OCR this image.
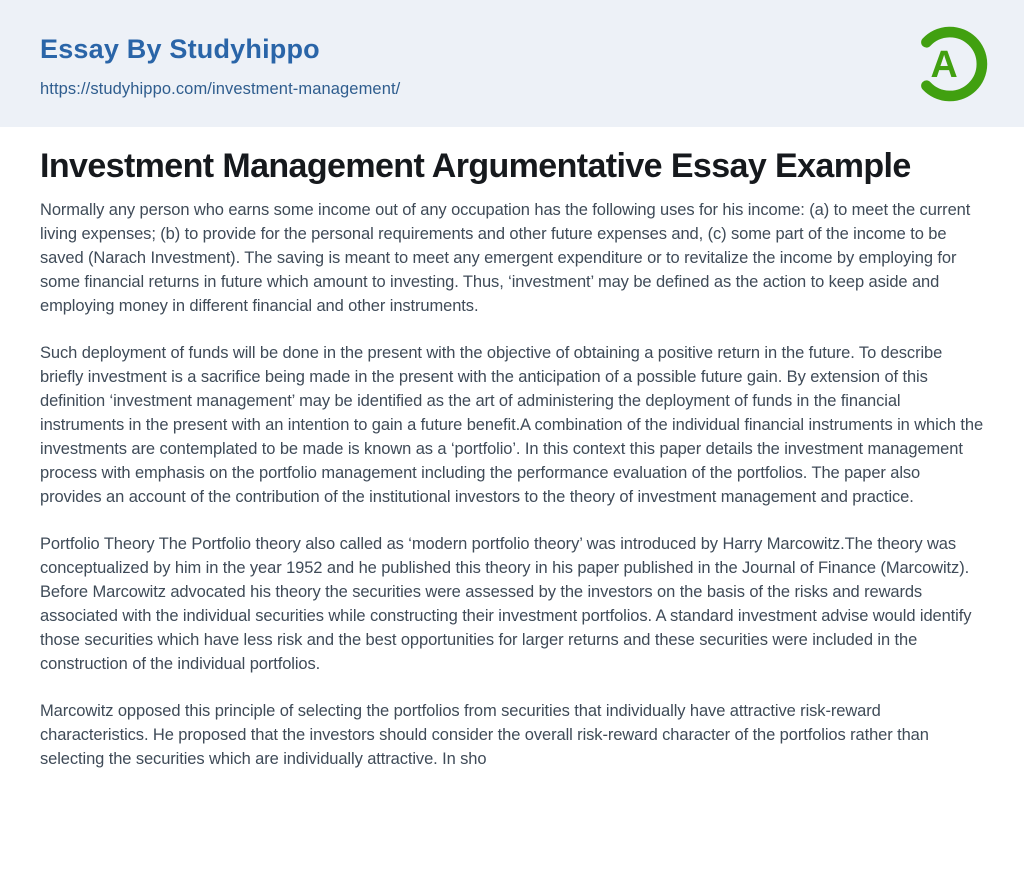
Essay By Studyhippo
https://studyhippo.com/investment-management/
A
Investment Management Argumentative Essay Example

Normally any person who earns some income out of any occupation has the following uses for his income: (a) to meet the current living expenses; (b) to provide for the personal requirements and other future expenses and, (c) some part of the income to be saved (Narach Investment). The saving is meant to meet any emergent expenditure or to revitalize the income by employing for some financial returns in future which amount to investing. Thus, ‘investment’ may be defined as the action to keep aside and employing money in different financial and other instruments.

Such deployment of funds will be done in the present with the objective of obtaining a positive return in the future. To describe briefly investment is a sacrifice being made in the present with the anticipation of a possible future gain. By extension of this definition ‘investment management’ may be identified as the art of administering the deployment of funds in the financial instruments in the present with an intention to gain a future benefit.A combination of the individual financial instruments in which the investments are contemplated to be made is known as a ‘portfolio’. In this context this paper details the investment management process with emphasis on the portfolio management including the performance evaluation of the portfolios. The paper also provides an account of the contribution of the institutional investors to the theory of investment management and practice.

Portfolio Theory The Portfolio theory also called as ‘modern portfolio theory’ was introduced by Harry Marcowitz.The theory was conceptualized by him in the year 1952 and he published this theory in his paper published in the Journal of Finance (Marcowitz). Before Marcowitz advocated his theory the securities were assessed by the investors on the basis of the risks and rewards associated with the individual securities while constructing their investment portfolios. A standard investment advise would identify those securities which have less risk and the best opportunities for larger returns and these securities were included in the construction of the individual portfolios.

Marcowitz opposed this principle of selecting the portfolios from securities that individually have attractive risk-reward characteristics. He proposed that the investors should consider the overall risk-reward character of the portfolios rather than selecting the securities which are individually attractive. In sho
